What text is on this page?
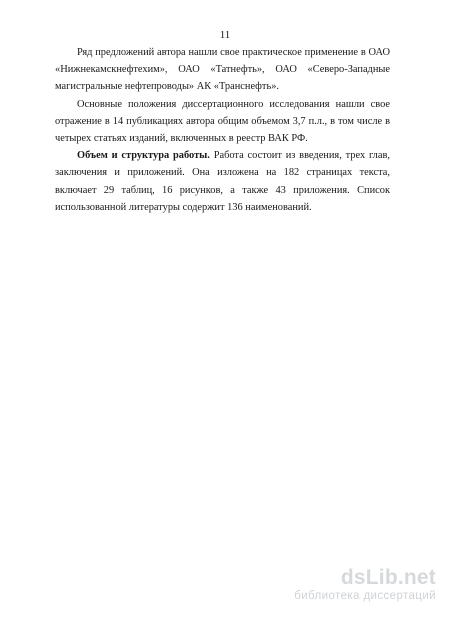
11

Ряд предложений автора нашли свое практическое применение в ОАО «Нижнекамскнефтехим», ОАО «Татнефть», ОАО «Северо-Западные магистральные нефтепроводы» АК «Транснефть».

Основные положения диссертационного исследования нашли свое отражение в 14 публикациях автора общим объемом 3,7 п.л., в том числе в четырех статьях изданий, включенных в реестр ВАК РФ.

Объем и структура работы. Работа состоит из введения, трех глав, заключения и приложений. Она изложена на 182 страницах текста, включает 29 таблиц, 16 рисунков, а также 43 приложения. Список использованной литературы содержит 136 наименований.

dsLib.net
библиотека диссертаций
